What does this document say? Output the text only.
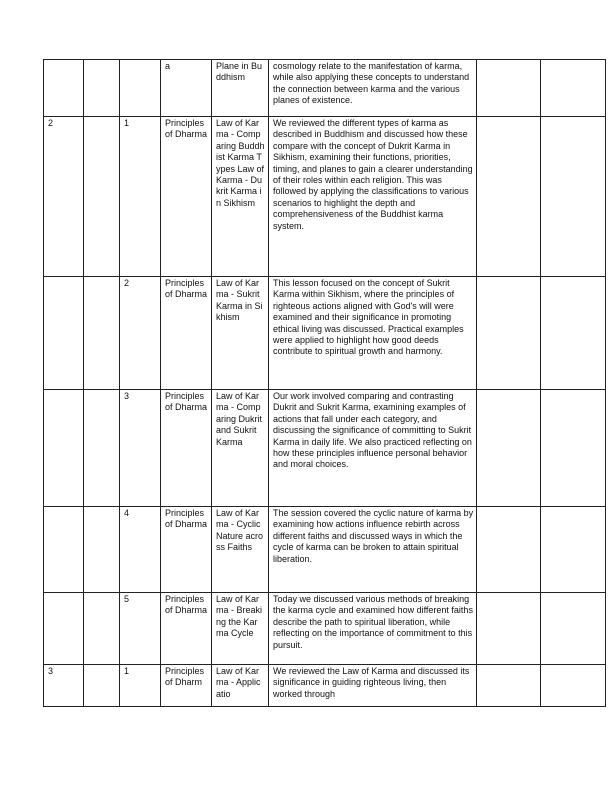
			a	Plane in Buddhism	cosmology relate to the manifestation of karma, while also applying these concepts to understand the connection between karma and the various planes of existence.		
2		1	Principles of Dharma	Law of Karma - Comparing Buddhist Karma Types Law of Karma - Dukrit Karma in Sikhism	We reviewed the different types of karma as described in Buddhism and discussed how these compare with the concept of Dukrit Karma in Sikhism, examining their functions, priorities, timing, and planes to gain a clearer understanding of their roles within each religion. This was followed by applying the classifications to various scenarios to highlight the depth and comprehensiveness of the Buddhist karma system.		
		2	Principles of Dharma	Law of Karma - Sukrit Karma in Sikhism	This lesson focused on the concept of Sukrit Karma within Sikhism, where the principles of righteous actions aligned with God's will were examined and their significance in promoting ethical living was discussed. Practical examples were applied to highlight how good deeds contribute to spiritual growth and harmony.		
		3	Principles of Dharma	Law of Karma - Comparing Dukrit and Sukrit Karma	Our work involved comparing and contrasting Dukrit and Sukrit Karma, examining examples of actions that fall under each category, and discussing the significance of committing to Sukrit Karma in daily life. We also practiced reflecting on how these principles influence personal behavior and moral choices.		
		4	Principles of Dharma	Law of Karma - Cyclic Nature across Faiths	The session covered the cyclic nature of karma by examining how actions influence rebirth across different faiths and discussed ways in which the cycle of karma can be broken to attain spiritual liberation.		
		5	Principles of Dharma	Law of Karma - Breaking the Karma Cycle	Today we discussed various methods of breaking the karma cycle and examined how different faiths describe the path to spiritual liberation, while reflecting on the importance of commitment to this pursuit.		
3		1	Principles of Dharm	Law of Karma - Applicatio	We reviewed the Law of Karma and discussed its significance in guiding righteous living, then worked through		
